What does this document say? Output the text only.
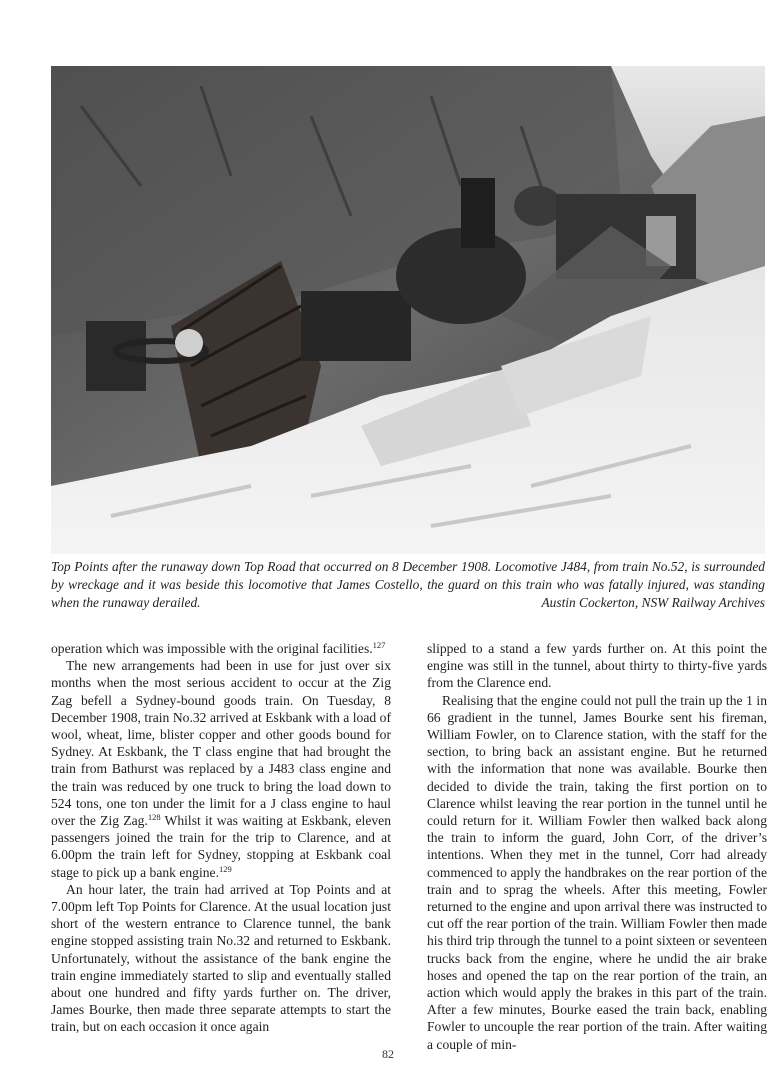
Top Points after the runaway down Top Road that occurred on 8 December 1908. Locomotive J484, from train No.52, is surrounded by wreckage and it was beside this locomotive that James Costello, the guard on this train who was fatally injured, was standing when the runaway derailed.	Austin Cockerton, NSW Railway Archives

operation which was impossible with the original facilities.$^{127}$

The new arrangements had been in use for just over six months when the most serious accident to occur at the Zig Zag befell a Sydney-bound goods train. On Tuesday, 8 December 1908, train No.32 arrived at Eskbank with a load of wool, wheat, lime, blister copper and other goods bound for Sydney. At Eskbank, the T class engine that had brought the train from Bathurst was replaced by a J483 class engine and the train was reduced by one truck to bring the load down to 524 tons, one ton under the limit for a J class engine to haul over the Zig Zag.$^{128}$ Whilst it was waiting at Eskbank, eleven passengers joined the train for the trip to Clarence, and at 6.00pm the train left for Sydney, stopping at Eskbank coal stage to pick up a bank engine.$^{129}$

An hour later, the train had arrived at Top Points and at 7.00pm left Top Points for Clarence. At the usual location just short of the western entrance to Clarence tunnel, the bank engine stopped assisting train No.32 and returned to Eskbank. Unfortunately, without the assistance of the bank engine the train engine immediately started to slip and eventually stalled about one hundred and fifty yards further on. The driver, James Bourke, then made three separate attempts to start the train, but on each occasion it once again

slipped to a stand a few yards further on. At this point the engine was still in the tunnel, about thirty to thirty-five yards from the Clarence end.

Realising that the engine could not pull the train up the 1 in 66 gradient in the tunnel, James Bourke sent his fireman, William Fowler, on to Clarence station, with the staff for the section, to bring back an assistant engine. But he returned with the information that none was available. Bourke then decided to divide the train, taking the first portion on to Clarence whilst leaving the rear portion in the tunnel until he could return for it. William Fowler then walked back along the train to inform the guard, John Corr, of the driver’s intentions. When they met in the tunnel, Corr had already commenced to apply the handbrakes on the rear portion of the train and to sprag the wheels. After this meeting, Fowler returned to the engine and upon arrival there was instructed to cut off the rear portion of the train. William Fowler then made his third trip through the tunnel to a point sixteen or seventeen trucks back from the engine, where he undid the air brake hoses and opened the tap on the rear portion of the train, an action which would apply the brakes in this part of the train. After a few minutes, Bourke eased the train back, enabling Fowler to uncouple the rear portion of the train. After waiting a couple of min-

82
